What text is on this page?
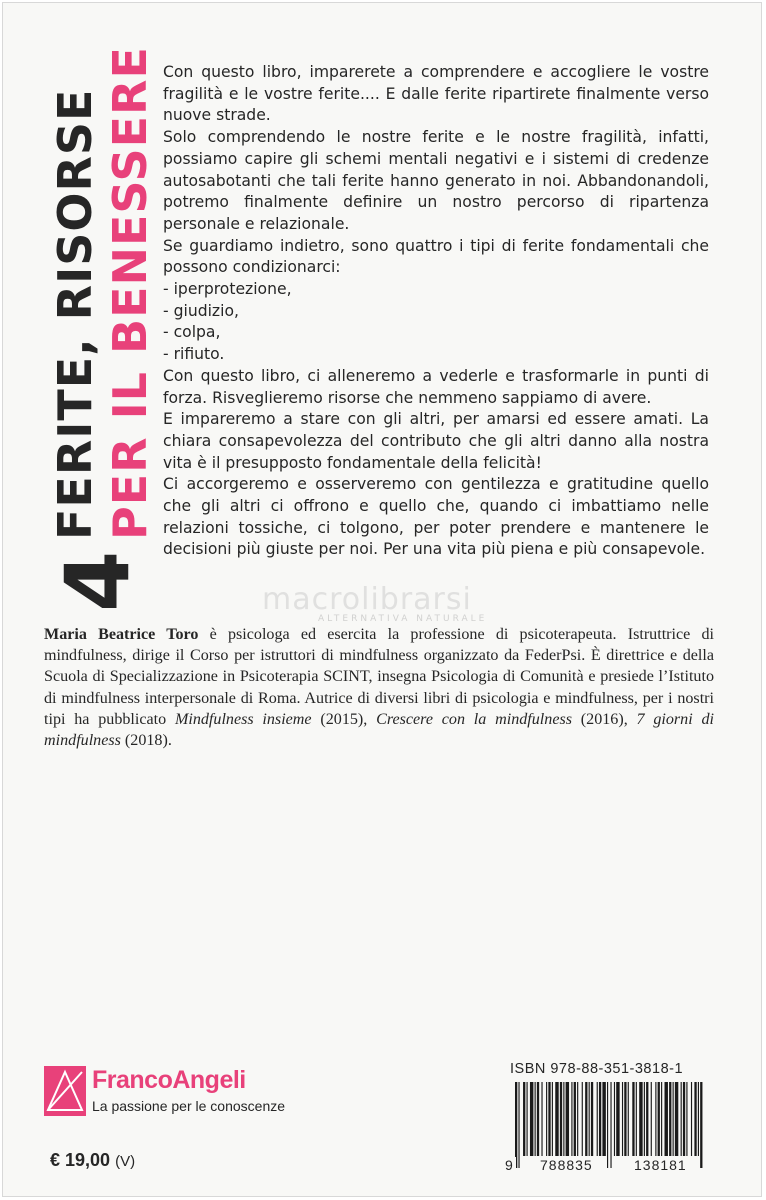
4
FERITE, RISORSE PER IL BENESSERE Con questo libro, imparerete a comprendere e accogliere le vostre fragilità e le vostre ferite.... E dalle ferite ripartirete finalmente verso nuove strade.

Solo comprendendo le nostre ferite e le nostre fragilità, infatti, possiamo capire gli schemi mentali negativi e i sistemi di credenze autosabotanti che tali ferite hanno generato in noi. Abbandonandoli, potremo finalmente definire un nostro percorso di ripartenza personale e relazionale.

Se guardiamo indietro, sono quattro i tipi di ferite fondamentali che possono condizionarci:

- iperprotezione,

- giudizio,

- colpa,

- rifiuto.

Con questo libro, ci alleneremo a vederle e trasformarle in punti di forza. Risveglieremo risorse che nemmeno sappiamo di avere.

E impareremo a stare con gli altri, per amarsi ed essere amati. La chiara consapevolezza del contributo che gli altri danno alla nostra vita è il presupposto fondamentale della felicità!

Ci accorgeremo e osserveremo con gentilezza e gratitudine quello che gli altri ci offrono e quello che, quando ci imbattiamo nelle relazioni tossiche, ci tolgono, per poter prendere e mantenere le decisioni più giuste per noi. Per una vita più piena e più consapevole.

macrolibrarsi
ALTERNATIVA NATURALE
Maria Beatrice Toro è psicologa ed esercita la professione di psicoterapeuta. Istruttrice di mindfulness, dirige il Corso per istruttori di mindfulness organizzato da FederPsi. È direttrice e della Scuola di Specializzazione in Psicoterapia SCINT, insegna Psicologia di Comunità e presiede l’Istituto di mindfulness interpersonale di Roma. Autrice di diversi libri di psicologia e mindfulness, per i nostri tipi ha pubblicato Mindfulness insieme (2015), Crescere con la mindfulness (2016), 7 giorni di mindfulness (2018).
FrancoAngeli
La passione per le conoscenze
€ 19,00 (V)
ISBN 978-88-351-3818-1
9 788835	138181
